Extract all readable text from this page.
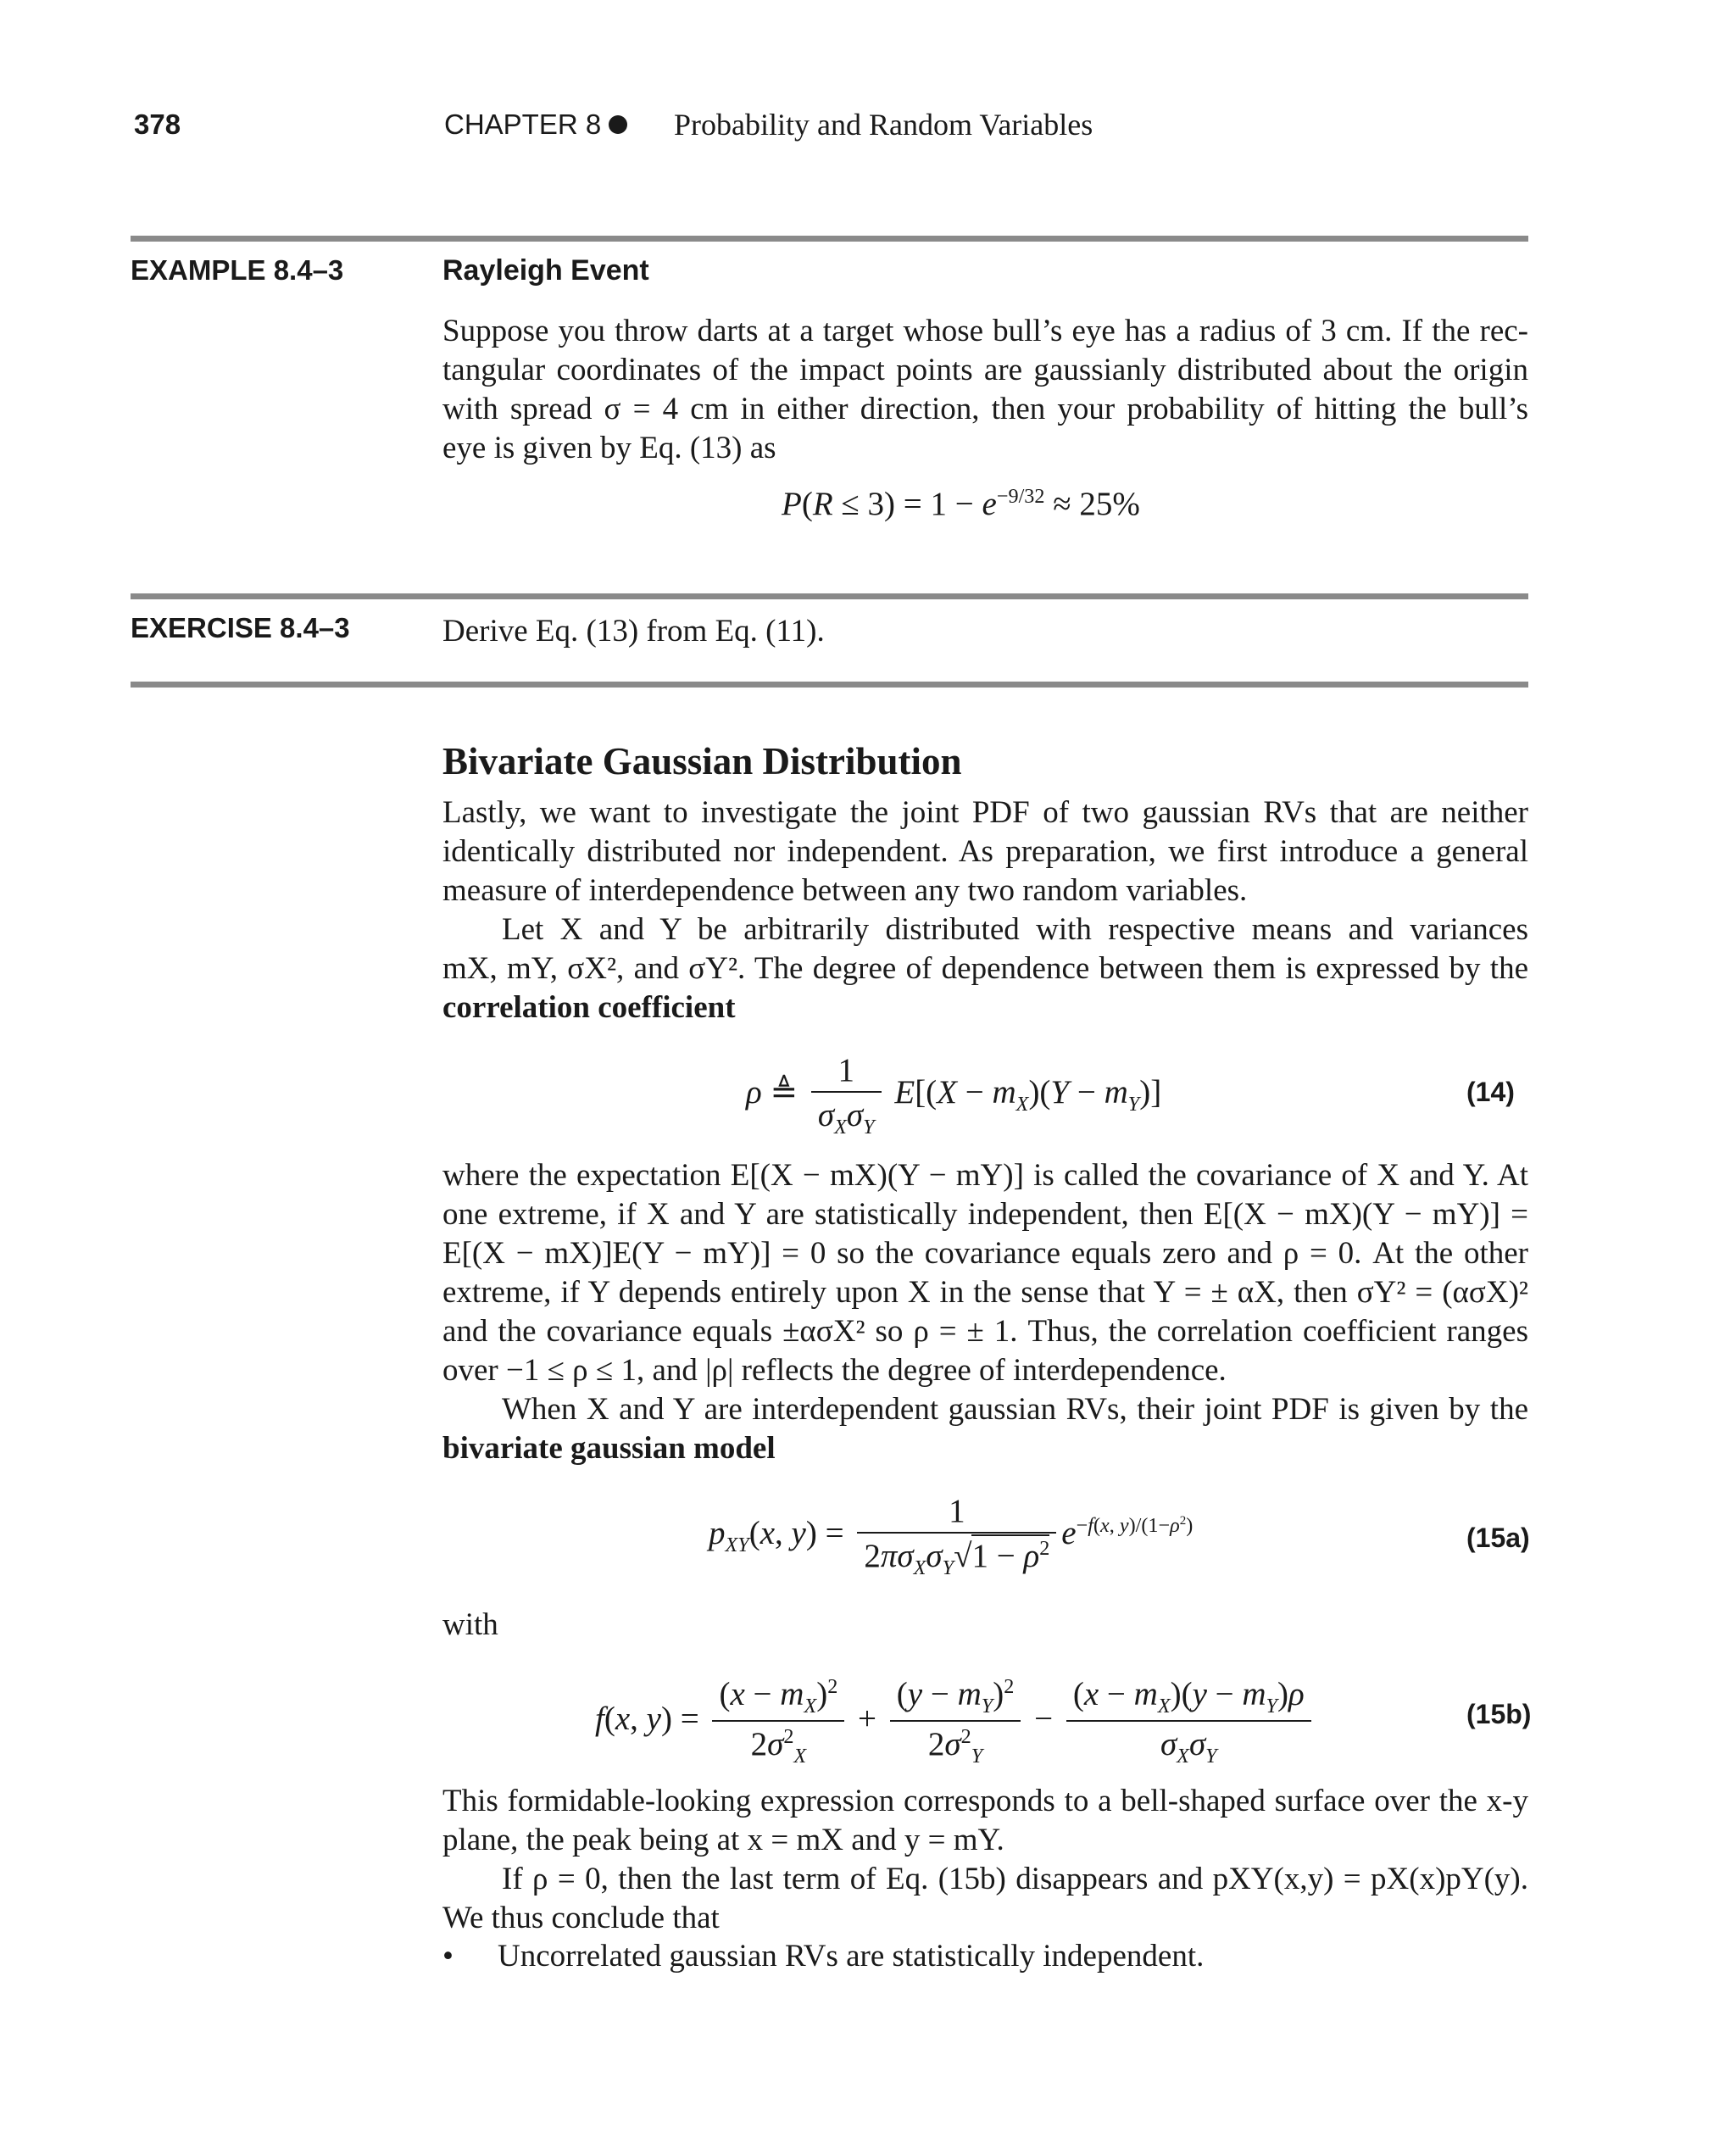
378	CHAPTER 8 Probability and Random Variables
EXAMPLE 8.4–3	Rayleigh Event
Suppose you throw darts at a target whose bull’s eye has a radius of 3 cm. If the rec-
tangular coordinates of the impact points are gaussianly distributed about the origin
with spread σ = 4 cm in either direction, then your probability of hitting the bull’s
eye is given by Eq. (13) as
$P(R \le 3) = 1 - e^{-9/32} \approx 25\%$
EXERCISE 8.4–3	Derive Eq. (13) from Eq. (11).
Bivariate Gaussian Distribution
Lastly, we want to investigate the joint PDF of two gaussian RVs that are neither
identically distributed nor independent. As preparation, we first introduce a general
measure of interdependence between any two random variables.
Let X and Y be arbitrarily distributed with respective means and variances
mX, mY, σX², and σY². The degree of dependence between them is expressed by the
correlation coefficient
ρ ≜ $\frac{1}{\sigma_X\sigma_Y} E[(X - m_X)(Y - m_Y)]$	(14)
where the expectation E[(X − mX)(Y − mY)] is called the covariance of X and Y. At
one extreme, if X and Y are statistically independent, then E[(X − mX)(Y − mY)] =
E[(X − mX)]E(Y − mY)] = 0 so the covariance equals zero and ρ = 0. At the other
extreme, if Y depends entirely upon X in the sense that Y = ± αX, then σY² = (ασX)²
and the covariance equals ±ασX² so ρ = ± 1. Thus, the correlation coefficient ranges
over −1 ≤ ρ ≤ 1, and |ρ| reflects the degree of interdependence.
When X and Y are interdependent gaussian RVs, their joint PDF is given by the
bivariate gaussian model
$p_{XY}(x$, $y) = \frac{1}{2\pi\sigma_X\sigma_Y√1 - \rho^2} e^{-f(x, y)/(1-\rho^2)}$	(15a)
with
f(x, $y) = \frac{(x - m_X)^2}{2\sigma^2_X} + \frac{(y - m_Y)^2}{2\sigma^2_Y} - \frac{(x - m_X)(y - m_Y)\rho}{\sigma_X\sigma_Y}$	(15b)
This formidable-looking expression corresponds to a bell-shaped surface over the x-y
plane, the peak being at x = mX and y = mY.
If ρ = 0, then the last term of Eq. (15b) disappears and pXY(x,y) = pX(x)pY(y).
We thus conclude that
• Uncorrelated gaussian RVs are statistically independent.
